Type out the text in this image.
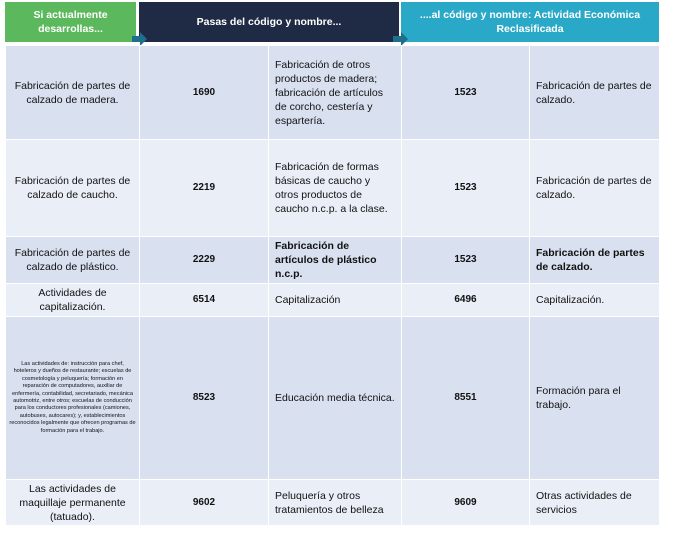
Si actualmente desarrollas...
Pasas del código y nombre...
....al código y nombre: Actividad Económica Reclasificada
Fabricación de partes de calzado de madera.	1690	Fabricación de otros productos de madera; fabricación de artículos de corcho, cestería y espartería.	1523	Fabricación de partes de calzado.
Fabricación de partes de calzado de caucho.	2219	Fabricación de formas básicas de caucho y otros productos de caucho n.c.p. a la clase.	1523	Fabricación de partes de calzado.
Fabricación de partes de calzado de plástico.	2229	Fabricación de artículos de plástico n.c.p.	1523	Fabricación de partes de calzado.
Actividades de capitalización.	6514	Capitalización	6496	Capitalización.
Las actividades de: instrucción para chef, hoteleros y dueños de restaurante; escuelas de cosmetología y peluquería; formación en reparación de computadores, auxiliar de enfermería, contabilidad, secretariado, mecánica automotriz, entre otros; escuelas de conducción para los conductores profesionales (camiones, autobuses, autocares); y, establecimientos reconocidos legalmente que ofrecen programas de formación para el trabajo.	8523	Educación media técnica.	8551	Formación para el trabajo.
Las actividades de maquillaje permanente (tatuado).	9602	Peluquería y otros tratamientos de belleza	9609	Otras actividades de servicios
